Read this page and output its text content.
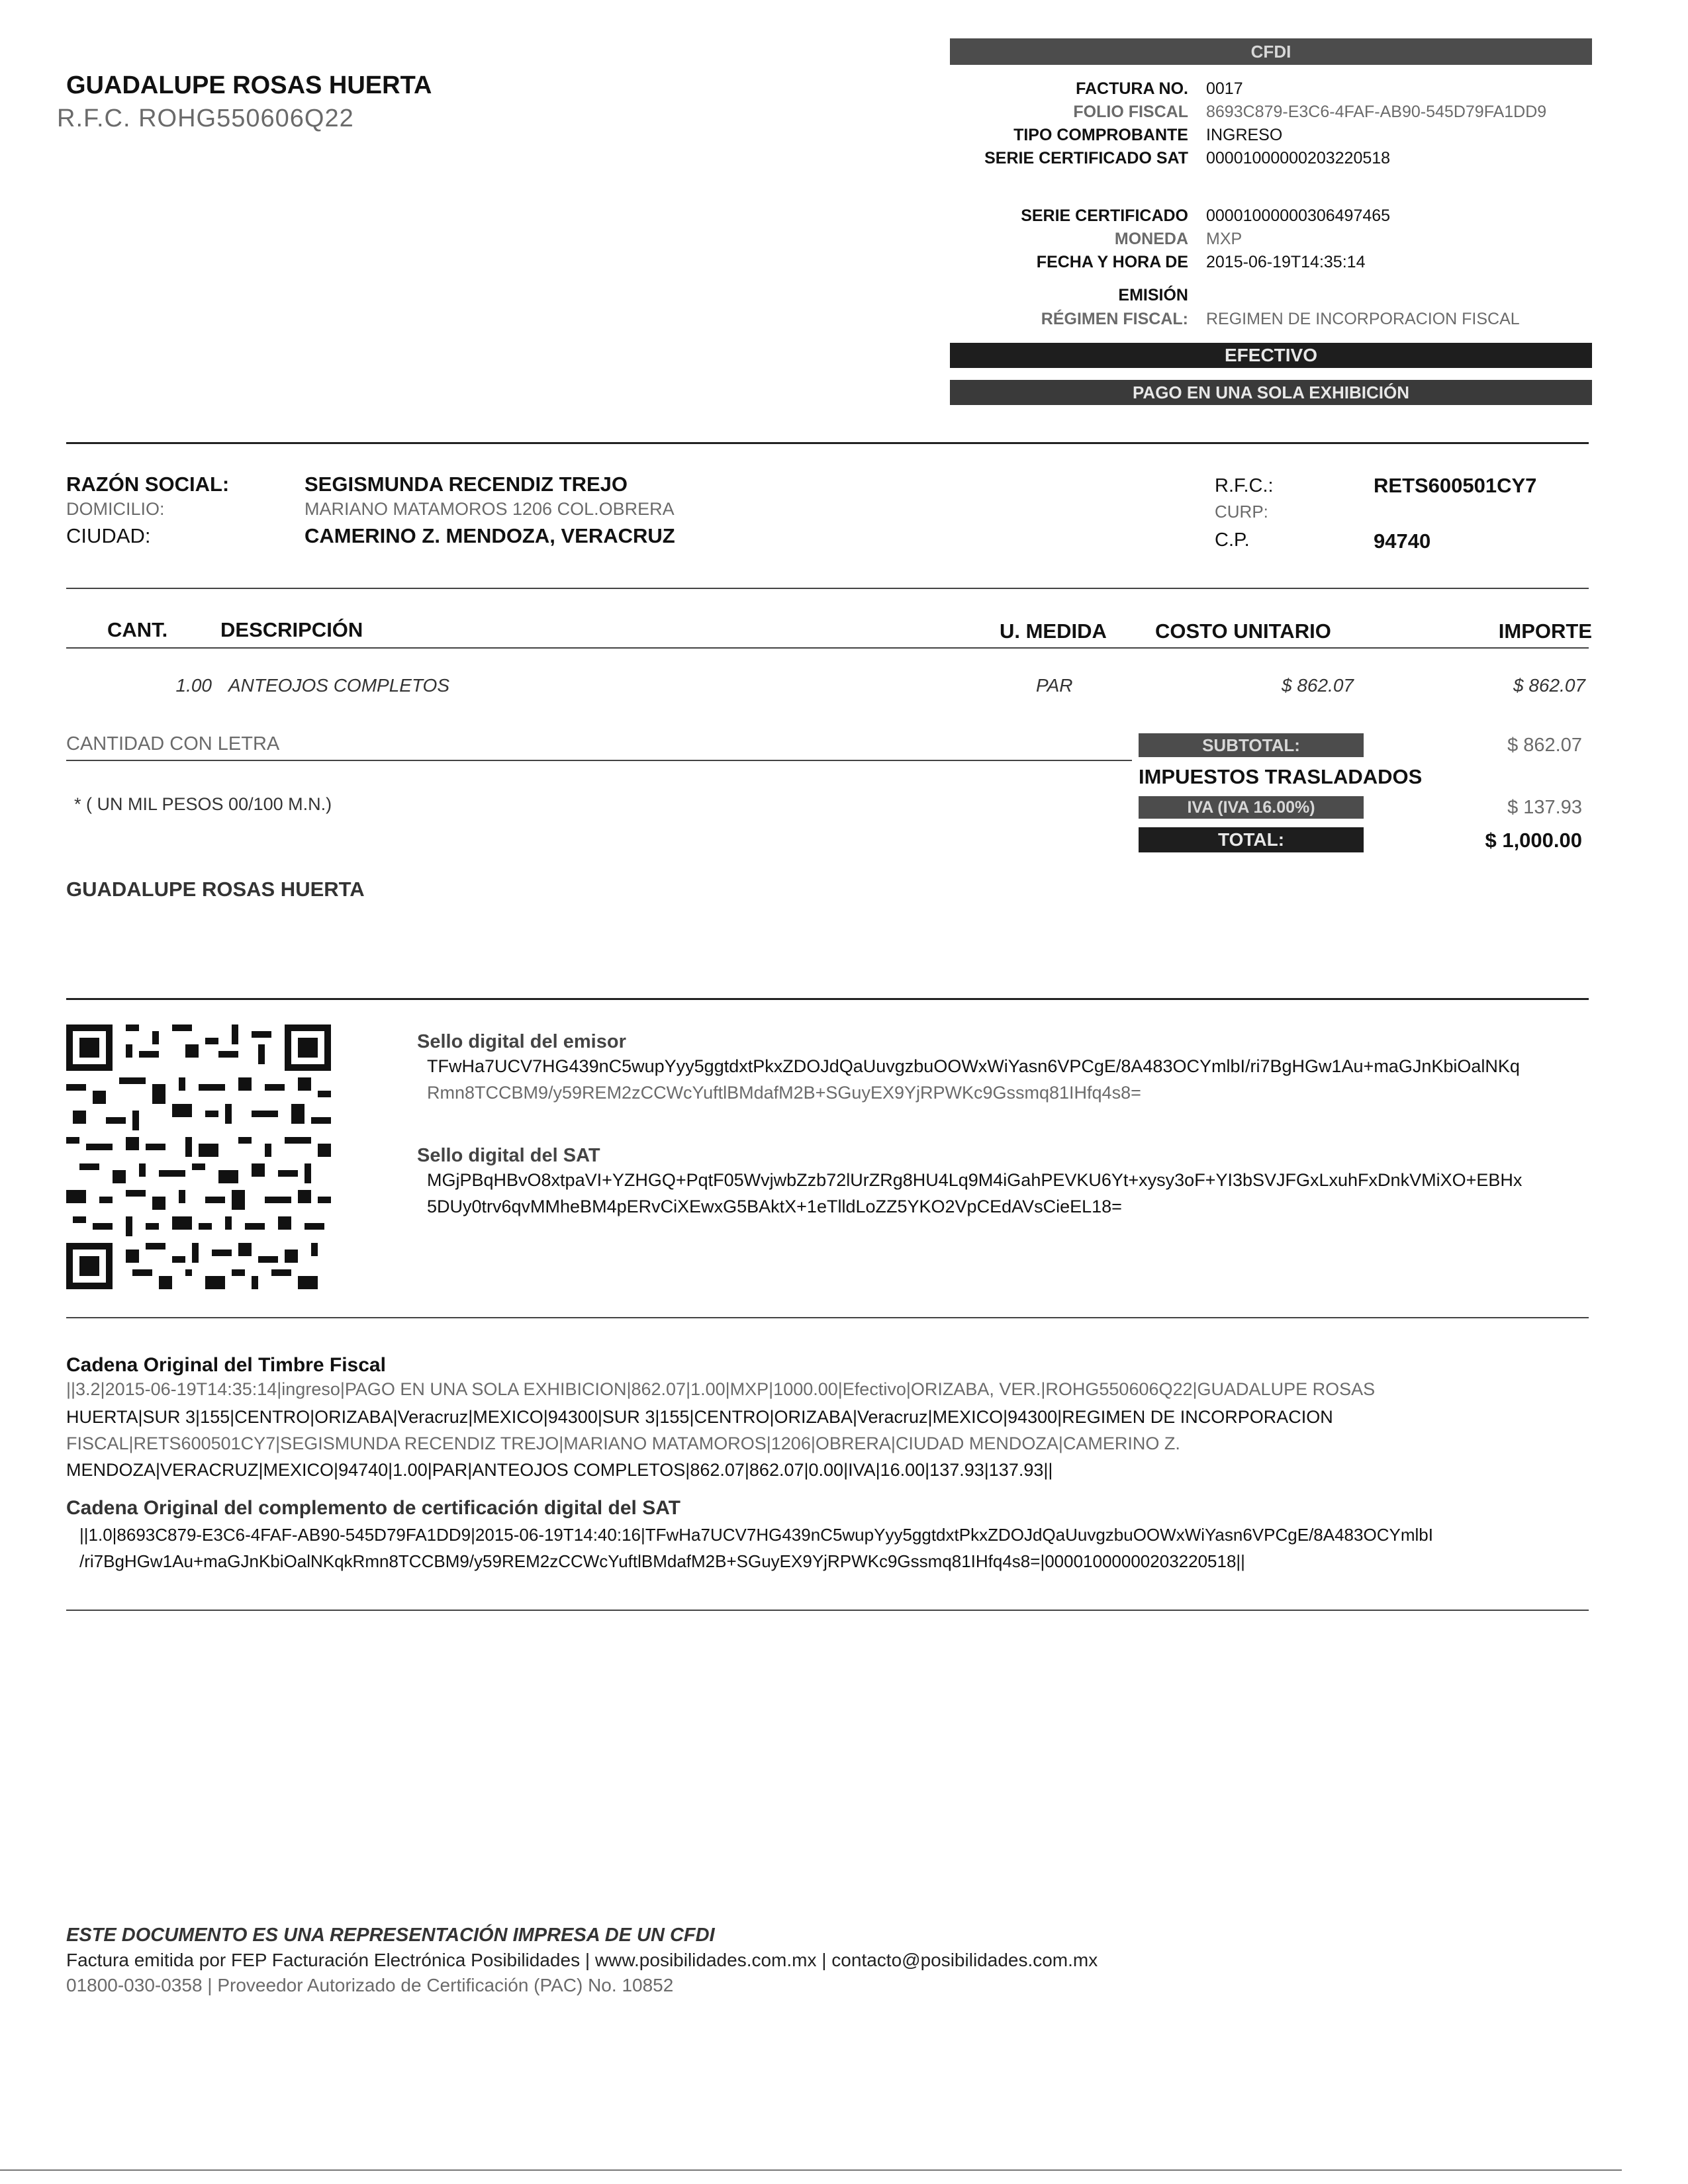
GUADALUPE ROSAS HUERTA
R.F.C. ROHG550606Q22
CFDI
FACTURA NO. 0017
FOLIO FISCAL 8693C879-E3C6-4FAF-AB90-545D79FA1DD9
TIPO COMPROBANTE INGRESO
SERIE CERTIFICADO SAT 00001000000203220518
SERIE CERTIFICADO 00001000000306497465
MONEDA MXP
FECHA Y HORA DE 2015-06-19T14:35:14
EMISIÓN
RÉGIMEN FISCAL: REGIMEN DE INCORPORACION FISCAL
EFECTIVO
PAGO EN UNA SOLA EXHIBICIÓN
RAZÓN SOCIAL:	SEGISMUNDA RECENDIZ TREJO
DOMICILIO:	MARIANO MATAMOROS 1206 COL.OBRERA
CIUDAD:	CAMERINO Z. MENDOZA, VERACRUZ
R.F.C.:	RETS600501CY7
CURP:
C.P.	94740
CANT.	DESCRIPCIÓN	U. MEDIDA COSTO UNITARIO	IMPORTE
1.00 ANTEOJOS COMPLETOS	PAR	$ 862.07	$ 862.07
CANTIDAD CON LETRA
* ( UN MIL PESOS 00/100 M.N.)
SUBTOTAL:	$ 862.07
IMPUESTOS TRASLADADOS
IVA (IVA 16.00%)	$ 137.93
TOTAL:	$ 1,000.00
GUADALUPE ROSAS HUERTA
Sello digital del emisor
TFwHa7UCV7HG439nC5wupYyy5ggtdxtPkxZDOJdQaUuvgzbuOOWxWiYasn6VPCgE/8A483OCYmlbI/ri7BgHGw1Au+maGJnKbiOalNKq
Rmn8TCCBM9/y59REM2zCCWcYuftlBMdafM2B+SGuyEX9YjRPWKc9Gssmq81IHfq4s8=
Sello digital del SAT
MGjPBqHBvO8xtpaVI+YZHGQ+PqtF05WvjwbZzb72lUrZRg8HU4Lq9M4iGahPEVKU6Yt+xysy3oF+YI3bSVJFGxLxuhFxDnkVMiXO+EBHx
5DUy0trv6qvMMheBM4pERvCiXEwxG5BAktX+1eTlldLoZZ5YKO2VpCEdAVsCieEL18=
Cadena Original del Timbre Fiscal
||3.2|2015-06-19T14:35:14|ingreso|PAGO EN UNA SOLA EXHIBICION|862.07|1.00|MXP|1000.00|Efectivo|ORIZABA, VER.|ROHG550606Q22|GUADALUPE ROSAS
HUERTA|SUR 3|155|CENTRO|ORIZABA|Veracruz|MEXICO|94300|SUR 3|155|CENTRO|ORIZABA|Veracruz|MEXICO|94300|REGIMEN DE INCORPORACION
FISCAL|RETS600501CY7|SEGISMUNDA RECENDIZ TREJO|MARIANO MATAMOROS|1206|OBRERA|CIUDAD MENDOZA|CAMERINO Z.
MENDOZA|VERACRUZ|MEXICO|94740|1.00|PAR|ANTEOJOS COMPLETOS|862.07|862.07|0.00|IVA|16.00|137.93|137.93||
Cadena Original del complemento de certificación digital del SAT
||1.0|8693C879-E3C6-4FAF-AB90-545D79FA1DD9|2015-06-19T14:40:16|TFwHa7UCV7HG439nC5wupYyy5ggtdxtPkxZDOJdQaUuvgzbuOOWxWiYasn6VPCgE/8A483OCYmlbI
/ri7BgHGw1Au+maGJnKbiOalNKqkRmn8TCCBM9/y59REM2zCCWcYuftlBMdafM2B+SGuyEX9YjRPWKc9Gssmq81IHfq4s8=|00001000000203220518||
ESTE DOCUMENTO ES UNA REPRESENTACIÓN IMPRESA DE UN CFDI
Factura emitida por FEP Facturación Electrónica Posibilidades | www.posibilidades.com.mx | contacto@posibilidades.com.mx
01800-030-0358 | Proveedor Autorizado de Certificación (PAC) No. 10852
